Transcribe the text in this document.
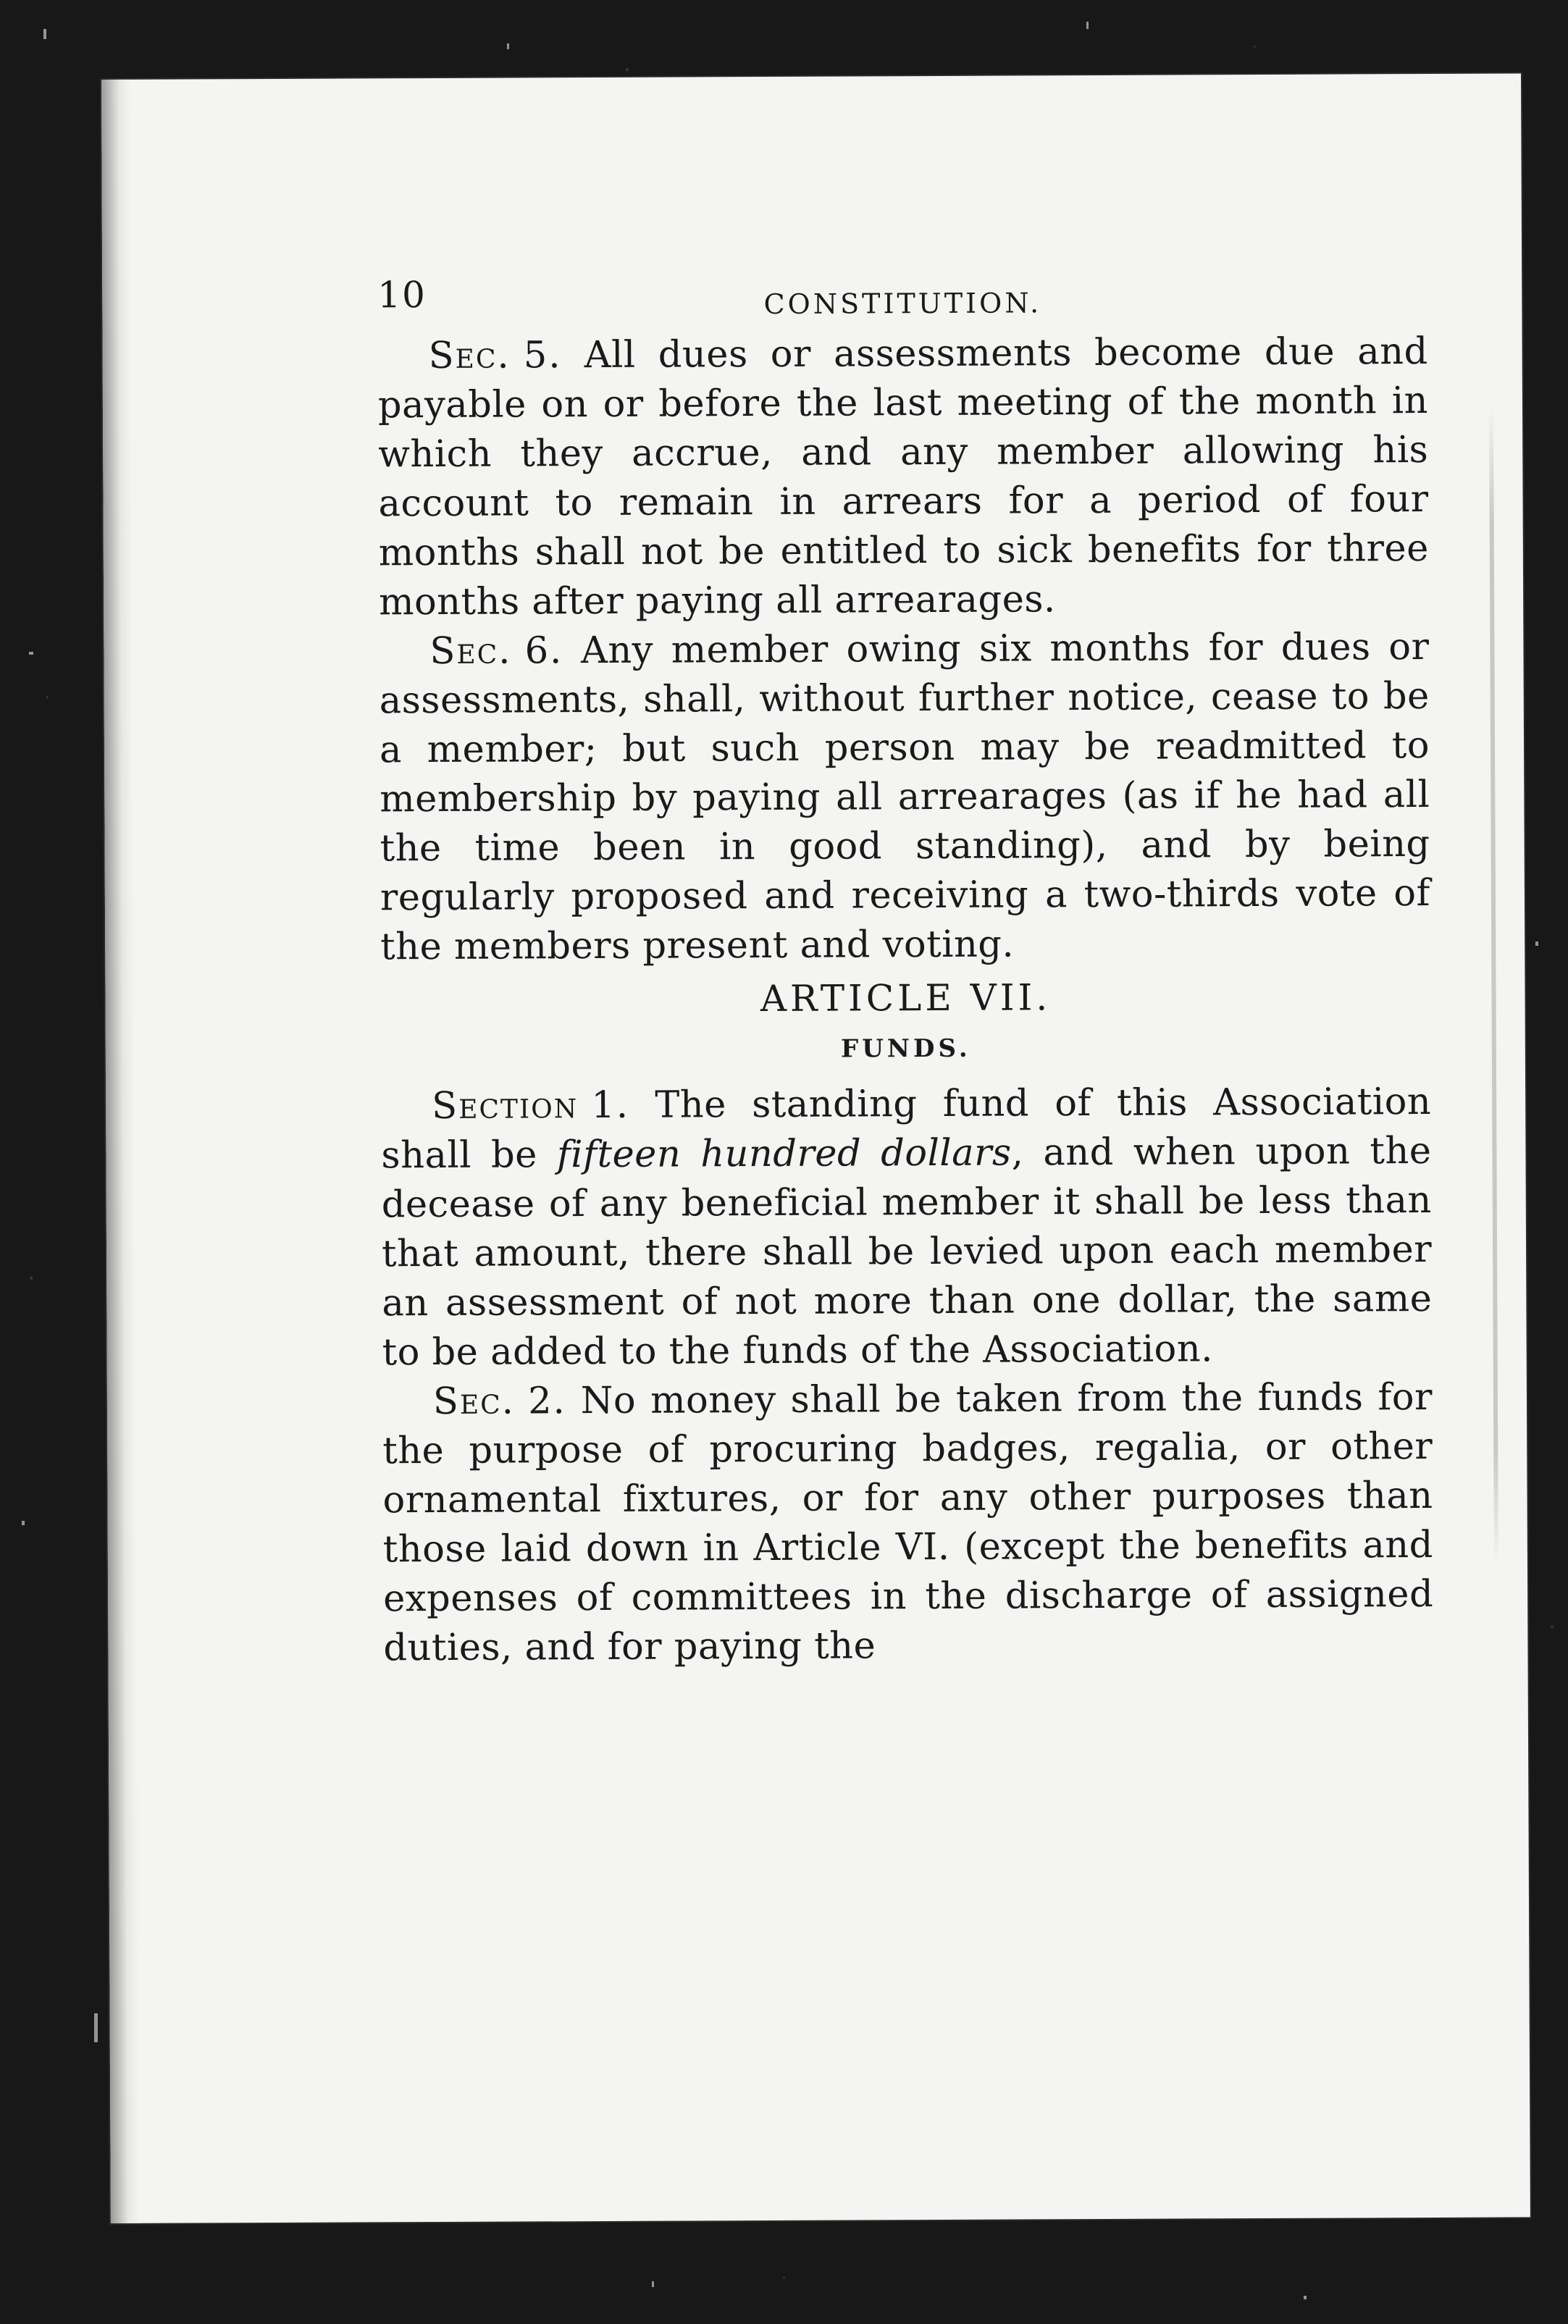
10	CONSTITUTION.

Sec. 5. All dues or assessments become due and payable on or before the last meeting of the month in which they accrue, and any member allowing his account to remain in arrears for a period of four months shall not be entitled to sick benefits for three months after paying all arrearages.

Sec. 6. Any member owing six months for dues or assessments, shall, without further notice, cease to be a member; but such person may be readmitted to membership by paying all arrearages (as if he had all the time been in good standing), and by being regularly proposed and receiving a two-thirds vote of the members present and voting.

ARTICLE VII.
FUNDS.

Section 1. The standing fund of this Association shall be fifteen hundred dollars, and when upon the decease of any beneficial member it shall be less than that amount, there shall be levied upon each member an assessment of not more than one dollar, the same to be added to the funds of the Association.

Sec. 2. No money shall be taken from the funds for the purpose of procuring badges, regalia, or other ornamental fixtures, or for any other purposes than those laid down in Article VI. (except the benefits and expenses of committees in the discharge of assigned duties, and for paying the
